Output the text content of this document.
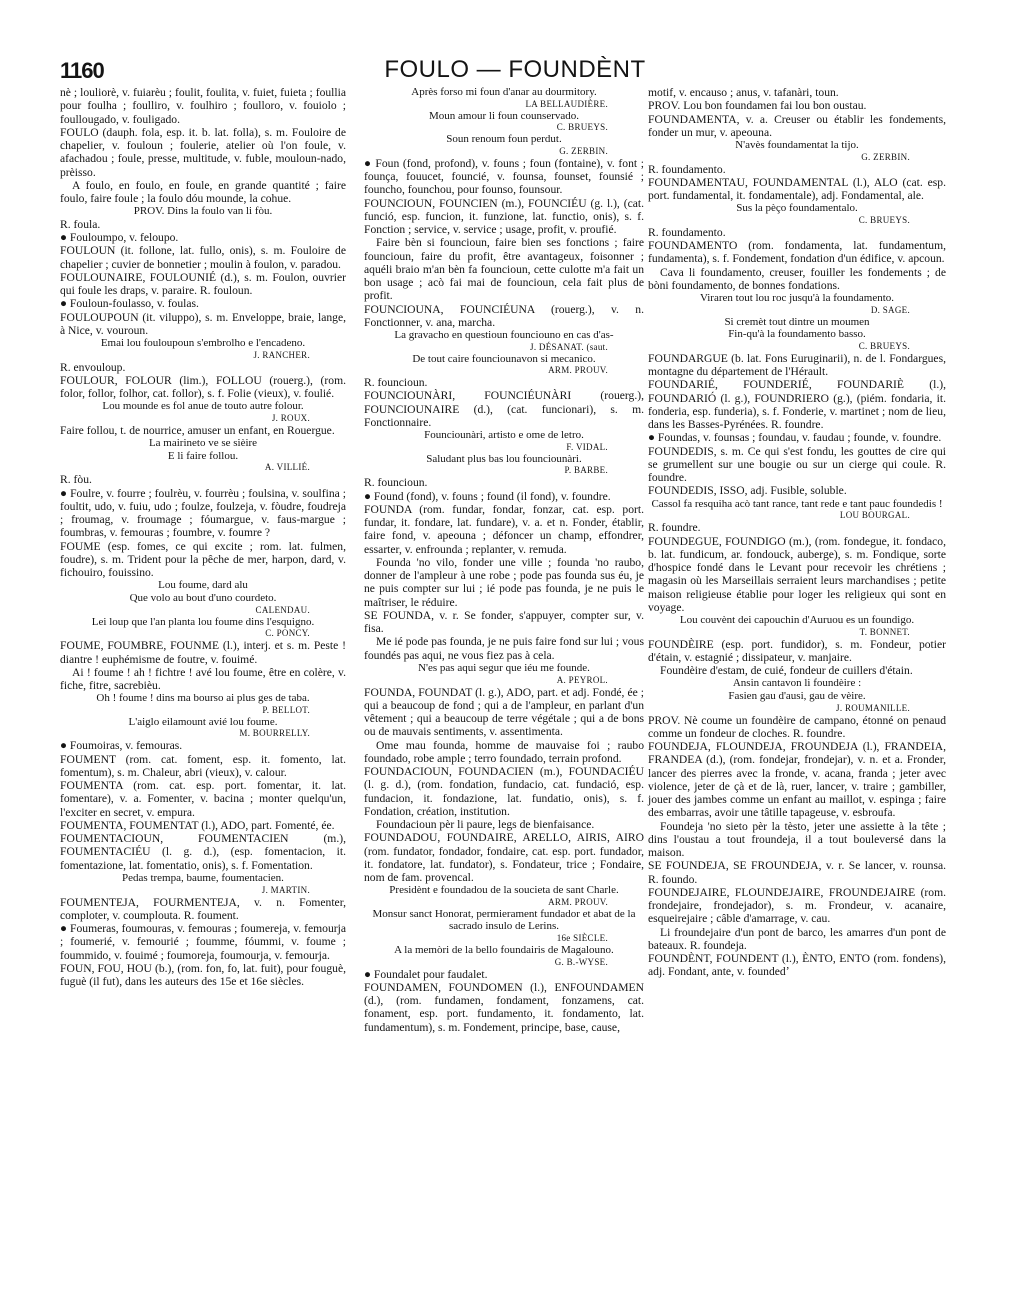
1160	FOULO — FOUNDÈNT

nè ; louliorè, v. fuiarèu ; foulit, foulita, v. fuiet, fuieta ; foullia pour foulha ; foulliro, v. foulhiro ; foulloro, v. fouiolo ; foullougado, v. fouligado.

FOULO (dauph. fola, esp. it. b. lat. folla), s. m. Fouloire de chapelier, v. fouloun ; foulerie, atelier où l'on foule, v. afachadou ; foule, presse, multitude, v. fuble, mouloun-nado, prèisso.

A foulo, en foulo, en foule, en grande quantité ; faire foulo, faire foule ; la foulo dóu mounde, la cohue.

PROV. Dins la foulo van li fòu.

R. foula.

● Fouloumpo, v. feloupo.

FOULOUN (it. follone, lat. fullo, onis), s. m. Fouloire de chapelier ; cuvier de bonnetier ; moulin à foulon, v. paradou.

FOULOUNAIRE, FOULOUNIÉ (d.), s. m. Foulon, ouvrier qui foule les draps, v. paraire. R. fouloun.

● Fouloun-foulasso, v. foulas.

FOULOUPOUN (it. viluppo), s. m. Enveloppe, braie, lange, à Nice, v. vouroun.

Emai lou fouloupoun s'embrolho e l'encadeno.

J. RANCHER.

R. envouloup.

FOULOUR, FOLOUR (lim.), FOLLOU (rouerg.), (rom. folor, follor, folhor, cat. follor), s. f. Folie (vieux), v. foulié.

Lou mounde es fol anue de touto autre folour.

J. ROUX.

Faire follou, t. de nourrice, amuser un enfant, en Rouergue.

La mairineto ve se sièire

E li faire follou.

A. VILLIÉ.

R. fòu.

● Foulre, v. fourre ; foulrèu, v. fourrèu ; foulsina, v. soulfina ; foultit, udo, v. fuiu, udo ; foulze, foulzeja, v. fòudre, foudreja ; froumag, v. froumage ; fóumargue, v. faus-margue ; foumbras, v. femouras ; foumbre, v. foumre ?

FOUME (esp. fomes, ce qui excite ; rom. lat. fulmen, foudre), s. m. Trident pour la pêche de mer, harpon, dard, v. fichouiro, fouissino.

Lou foume, dard alu

Que volo au bout d'uno courdeto.

CALENDAU.

Lei loup que l'an planta lou foume dins l'esquigno.

C. PONCY.

FOUME, FOUMBRE, FOUNME (l.), interj. et s. m. Peste ! diantre ! euphémisme de foutre, v. fouimé.

Ai ! foume ! ah ! fichtre ! avé lou foume, être en colère, v. fiche, fitre, sacrebièu.

Oh ! foume ! dins ma bourso ai plus ges de taba.

P. BELLOT.

L'aiglo eilamount avié lou foume.

M. BOURRELLY.

● Foumoiras, v. femouras.

FOUMENT (rom. cat. foment, esp. it. fomento, lat. fomentum), s. m. Chaleur, abri (vieux), v. calour.

FOUMENTA (rom. cat. esp. port. fomentar, it. lat. fomentare), v. a. Fomenter, v. bacina ; monter quelqu'un, l'exciter en secret, v. empura.

FOUMENTA, FOUMENTAT (l.), ADO, part. Fomenté, ée.

FOUMENTACIOUN, FOUMENTACIEN (m.), FOUMENTACIÉU (l. g. d.), (esp. fomentacion, it. fomentazione, lat. fomentatio, onis), s. f. Fomentation.

Pedas trempa, baume, foumentacien.

J. MARTIN.

FOUMENTEJA, FOURMENTEJA, v. n. Fomenter, comploter, v. coumplouta. R. foument.

● Foumeras, foumouras, v. femouras ; foumereja, v. femourja ; foumerié, v. femourié ; foumme, fóummi, v. foume ; foummido, v. fouimé ; foumoreja, foumourja, v. femourja.

FOUN, FOU, HOU (b.), (rom. fon, fo, lat. fuit), pour fouguè, fuguè (il fut), dans les auteurs des 15e et 16e siècles.

Après forso mi foun d'anar au dourmitory.

LA BELLAUDIÈRE.

Moun amour li foun counservado.

C. BRUEYS.

Soun renoum foun perdut.

G. ZERBIN.

● Foun (fond, profond), v. founs ; foun (fontaine), v. font ; founça, fouucet, founcié, v. founsa, founset, founsié ; founcho, founchou, pour founso, founsour.

FOUNCIOUN, FOUNCIEN (m.), FOUNCIÉU (g. l.), (cat. funció, esp. funcion, it. funzione, lat. functio, onis), s. f. Fonction ; service, v. service ; usage, profit, v. proufié.

Faire bèn si founcioun, faire bien ses fonctions ; faire founcioun, faire du profit, être avantageux, foisonner ; aquéli braio m'an bèn fa founcioun, cette culotte m'a fait un bon usage ; acò fai mai de founcioun, cela fait plus de profit.

FOUNCIOUNA, FOUNCIÉUNA (rouerg.), v. n. Fonctionner, v. ana, marcha.

La gravacho en questioun founciouno en cas d'as-

J. DÉSANAT. (saut.

De tout caire founciounavon si mecanico.

ARM. PROUV.

R. founcioun.

FOUNCIOUNÀRI, FOUNCIÉUNÀRI (rouerg.), FOUNCIOUNAIRE (d.), (cat. funcionari), s. m. Fonctionnaire.

Founciounàri, artisto e ome de letro.

F. VIDAL.

Saludant plus bas lou founciounàri.

P. BARBE.

R. founcioun.

● Found (fond), v. founs ; found (il fond), v. foundre.

FOUNDA (rom. fundar, fondar, fonzar, cat. esp. port. fundar, it. fondare, lat. fundare), v. a. et n. Fonder, établir, faire fond, v. apeouna ; défoncer un champ, effondrer, essarter, v. enfrounda ; replanter, v. remuda.

Founda 'no vilo, fonder une ville ; founda 'no raubo, donner de l'ampleur à une robe ; pode pas founda sus éu, je ne puis compter sur lui ; ié pode pas founda, je ne puis le maîtriser, le réduire.

SE FOUNDA, v. r. Se fonder, s'appuyer, compter sur, v. fisa.

Me ié pode pas founda, je ne puis faire fond sur lui ; vous foundés pas aqui, ne vous fiez pas à cela.

N'es pas aqui segur que iéu me founde.

A. PEYROL.

FOUNDA, FOUNDAT (l. g.), ADO, part. et adj. Fondé, ée ; qui a beaucoup de fond ; qui a de l'ampleur, en parlant d'un vêtement ; qui a beaucoup de terre végétale ; qui a de bons ou de mauvais sentiments, v. assentimenta.

Ome mau founda, homme de mauvaise foi ; raubo foundado, robe ample ; terro foundado, terrain profond.

FOUNDACIOUN, FOUNDACIEN (m.), FOUNDACIÉU (l. g. d.), (rom. fondation, fundacio, cat. fundació, esp. fundacion, it. fondazione, lat. fundatio, onis), s. f. Fondation, création, institution.

Foundacioun pèr li paure, legs de bienfaisance.

FOUNDADOU, FOUNDAIRE, ARELLO, AIRIS, AIRO (rom. fundator, fondador, fondaire, cat. esp. port. fundador, it. fondatore, lat. fundator), s. Fondateur, trice ; Fondaire, nom de fam. provencal.

Presidènt e foundadou de la soucieta de sant Charle.

ARM. PROUV.

Monsur sanct Honorat, permierament fundador et abat de la sacrado insulo de Lerins.

16e SIÈCLE.

A la memòri de la bello foundairis de Magalouno.

G. B.-WYSE.

● Foundalet pour faudalet.

FOUNDAMEN, FOUNDOMEN (l.), ENFOUNDAMEN (d.), (rom. fundamen, fondament, fonzamens, cat. fonament, esp. port. fundamento, it. fondamento, lat. fundamentum), s. m. Fondement, principe, base, cause,

motif, v. encauso ; anus, v. tafanàri, toun.

PROV. Lou bon foundamen fai lou bon oustau.

FOUNDAMENTA, v. a. Creuser ou établir les fondements, fonder un mur, v. apeouna.

N'avès foundamentat la tijo.

G. ZERBIN.

R. foundamento.

FOUNDAMENTAU, FOUNDAMENTAL (l.), ALO (cat. esp. port. fundamental, it. fondamentale), adj. Fondamental, ale.

Sus la pèço foundamentalo.

C. BRUEYS.

R. foundamento.

FOUNDAMENTO (rom. fondamenta, lat. fundamentum, fundamenta), s. f. Fondement, fondation d'un édifice, v. apcoun.

Cava li foundamento, creuser, fouiller les fondements ; de bòni foundamento, de bonnes fondations.

Viraren tout lou roc jusqu'à la foundamento.

D. SAGE.

Si cremèt tout dintre un moumen

Fin-qu'à la foundamento basso.

C. BRUEYS.

FOUNDARGUE (b. lat. Fons Euruginarii), n. de l. Fondargues, montagne du département de l'Hérault.

FOUNDARIÉ, FOUNDERIÉ, FOUNDARIÈ (l.), FOUNDARIÓ (l. g.), FOUNDRIERO (g.), (piém. fondaria, it. fonderia, esp. funderia), s. f. Fonderie, v. martinet ; nom de lieu, dans les Basses-Pyrénées. R. foundre.

● Foundas, v. founsas ; foundau, v. faudau ; founde, v. foundre.

FOUNDEDIS, s. m. Ce qui s'est fondu, les gouttes de cire qui se grumellent sur une bougie ou sur un cierge qui coule. R. foundre.

FOUNDEDIS, ISSO, adj. Fusible, soluble.

Cassol fa resquiha acò tant rance, tant rede e tant pauc foundedis !

LOU BOURGAL.

R. foundre.

FOUNDEGUE, FOUNDIGO (m.), (rom. fondegue, it. fondaco, b. lat. fundicum, ar. fondouck, auberge), s. m. Fondique, sorte d'hospice fondé dans le Levant pour recevoir les chrétiens ; magasin où les Marseillais serraient leurs marchandises ; petite maison religieuse établie pour loger les religieux qui sont en voyage.

Lou couvènt dei capouchin d'Auruou es un foundigo.

T. BONNET.

FOUNDÈIRE (esp. port. fundidor), s. m. Fondeur, potier d'étain, v. estagnié ; dissipateur, v. manjaire.

Foundèire d'estam, de cuié, fondeur de cuillers d'étain.

Ansin cantavon li foundèire :

Fasien gau d'ausi, gau de vèire.

J. ROUMANILLE.

PROV. Nè coume un foundèire de campano, étonné on penaud comme un fondeur de cloches. R. foundre.

FOUNDEJA, FLOUNDEJA, FROUNDEJA (l.), FRANDEIA, FRANDEA (d.), (rom. fondejar, frondejar), v. n. et a. Fronder, lancer des pierres avec la fronde, v. acana, franda ; jeter avec violence, jeter de çà et de là, ruer, lancer, v. traire ; gambiller, jouer des jambes comme un enfant au maillot, v. espinga ; faire des embarras, avoir une tâtille tapageuse, v. esbroufa.

Foundeja 'no sieto pèr la tèsto, jeter une assiette à la tête ; dins l'oustau a tout froundeja, il a tout bouleversé dans la maison.

SE FOUNDEJA, SE FROUNDEJA, v. r. Se lancer, v. rounsa. R. foundo.

FOUNDEJAIRE, FLOUNDEJAIRE, FROUNDEJAIRE (rom. frondejaire, frondejador), s. m. Frondeur, v. acanaire, esqueirejaire ; câble d'amarrage, v. cau.

Li froundejaire d'un pont de barco, les amarres d'un pont de bateaux. R. foundeja.

FOUNDÈNT, FOUNDENT (l.), ÈNTO, ENTO (rom. fondens), adj. Fondant, ante, v. foundedʼ
